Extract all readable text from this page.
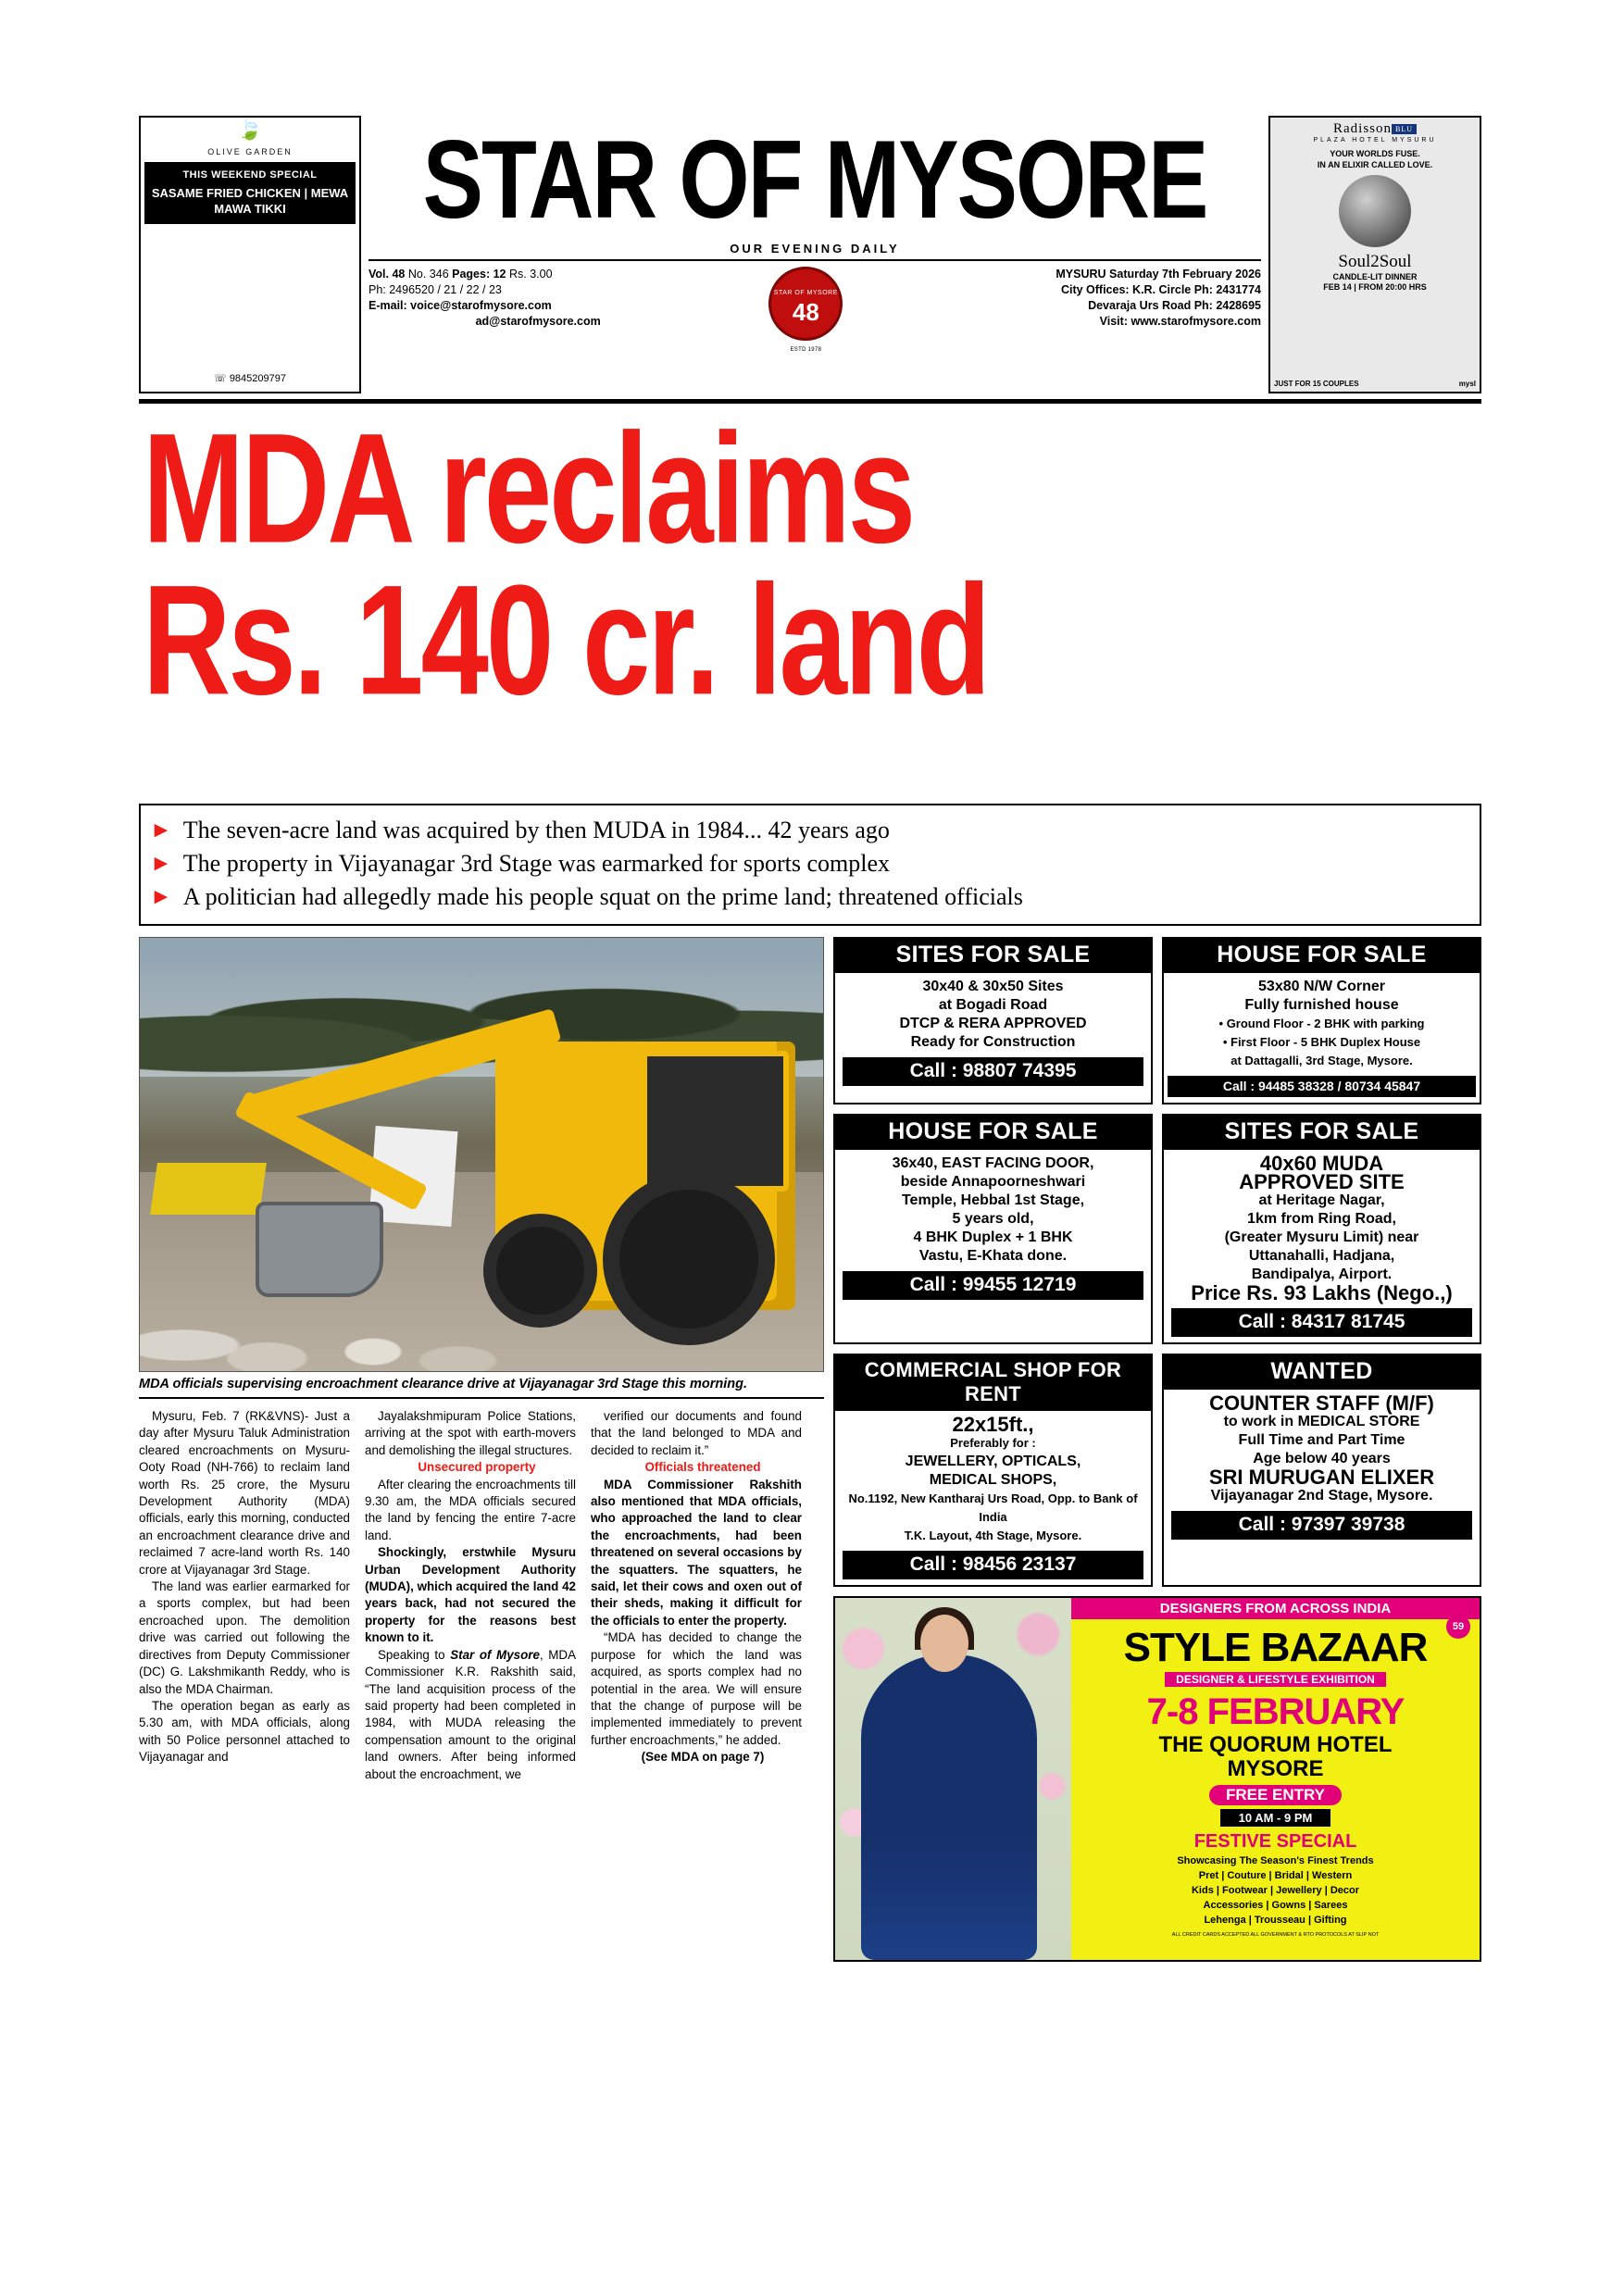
🍃
OLIVE GARDEN
THIS WEEKEND SPECIAL
SASAME FRIED CHICKEN | MEWA MAWA TIKKI
☏ 9845209797
STAR OF MYSORE
OUR EVENING DAILY
Vol. 48 No. 346 Pages: 12 Rs. 3.00
Ph: 2496520 / 21 / 22 / 23
E-mail: voice@starofmysore.com
ad@starofmysore.com
STAR OF MYSORE
48
ESTD 1978
MYSURU Saturday 7th February 2026
City Offices: K.R. Circle Ph: 2431774
Devaraja Urs Road Ph: 2428695
Visit: www.starofmysore.com
Radisson BLU
PLAZA HOTEL MYSURU
YOUR WORLDS FUSE.
IN AN ELIXIR CALLED LOVE.
Soul2Soul
CANDLE-LIT DINNER
FEB 14 | FROM 20:00 HRS
JUST FOR 15 COUPLES	mysl
MDA reclaims
Rs. 140 cr. land
► The seven-acre land was acquired by then MUDA in 1984... 42 years ago
► The property in Vijayanagar 3rd Stage was earmarked for sports complex
► A politician had allegedly made his people squat on the prime land; threatened officials
MDA officials supervising encroachment clearance drive at Vijayanagar 3rd Stage this morning.

Mysuru, Feb. 7 (RK&VNS)- Just a day after Mysuru Taluk Administration cleared encroachments on Mysuru-Ooty Road (NH-766) to reclaim land worth Rs. 25 crore, the Mysuru Development Authority (MDA) officials, early this morning, conducted an encroachment clearance drive and reclaimed 7 acre-land worth Rs. 140 crore at Vijayanagar 3rd Stage.

The land was earlier earmarked for a sports complex, but had been encroached upon. The demolition drive was carried out following the directives from Deputy Commissioner (DC) G. Lakshmikanth Reddy, who is also the MDA Chairman.

The operation began as early as 5.30 am, with MDA officials, along with 50 Police personnel attached to Vijayanagar and

Jayalakshmipuram Police Stations, arriving at the spot with earth-movers and demolishing the illegal structures.

Unsecured property

After clearing the encroachments till 9.30 am, the MDA officials secured the land by fencing the entire 7-acre land.

Shockingly, erstwhile Mysuru Urban Development Authority (MUDA), which acquired the land 42 years back, had not secured the property for the reasons best known to it.

Speaking to Star of Mysore, MDA Commissioner K.R. Rakshith said, “The land acquisition process of the said property had been completed in 1984, with MUDA releasing the compensation amount to the original land owners. After being informed about the encroachment, we

verified our documents and found that the land belonged to MDA and decided to reclaim it.”

Officials threatened

MDA Commissioner Rakshith also mentioned that MDA officials, who approached the land to clear the encroachments, had been threatened on several occasions by the squatters. The squatters, he said, let their cows and oxen out of their sheds, making it difficult for the officials to enter the property.

“MDA has decided to change the purpose for which the land was acquired, as sports complex had no potential in the area. We will ensure that the change of purpose will be implemented immediately to prevent further encroachments,” he added.

(See MDA on page 7)

SITES FOR SALE
30x40 & 30x50 Sites
at Bogadi Road
DTCP & RERA APPROVED
Ready for Construction
Call : 98807 74395
HOUSE FOR SALE
53x80 N/W Corner
Fully furnished house
• Ground Floor - 2 BHK with parking
• First Floor - 5 BHK Duplex House
at Dattagalli, 3rd Stage, Mysore.
Call : 94485 38328 / 80734 45847
HOUSE FOR SALE
36x40, EAST FACING DOOR,
beside Annapoorneshwari
Temple, Hebbal 1st Stage,
5 years old,
4 BHK Duplex + 1 BHK
Vastu, E-Khata done.
Call : 99455 12719
SITES FOR SALE
40x60 MUDA
APPROVED SITE
at Heritage Nagar,
1km from Ring Road,
(Greater Mysuru Limit) near
Uttanahalli, Hadjana,
Bandipalya, Airport.
Price Rs. 93 Lakhs (Nego.,)
Call : 84317 81745
COMMERCIAL SHOP FOR RENT
22x15ft.,
Preferably for :
JEWELLERY, OPTICALS,
MEDICAL SHOPS,
No.1192, New Kantharaj Urs Road, Opp. to Bank of India
T.K. Layout, 4th Stage, Mysore.
Call : 98456 23137
WANTED
COUNTER STAFF (M/F)
to work in MEDICAL STORE
Full Time and Part Time
Age below 40 years
SRI MURUGAN ELIXER
Vijayanagar 2nd Stage, Mysore.
Call : 97397 39738
DESIGNERS FROM ACROSS INDIA
59
STYLE BAZAAR
DESIGNER & LIFESTYLE EXHIBITION
7-8 FEBRUARY
THE QUORUM HOTEL
MYSORE
FREE ENTRY
10 AM - 9 PM
FESTIVE SPECIAL
Showcasing The Season's Finest Trends
Pret | Couture | Bridal | Western
Kids | Footwear | Jewellery | Decor
Accessories | Gowns | Sarees
Lehenga | Trousseau | Gifting
ALL CREDIT CARDS ACCEPTED ALL GOVERNMENT & RTO PROTOCOLS AT SLIP NOT
